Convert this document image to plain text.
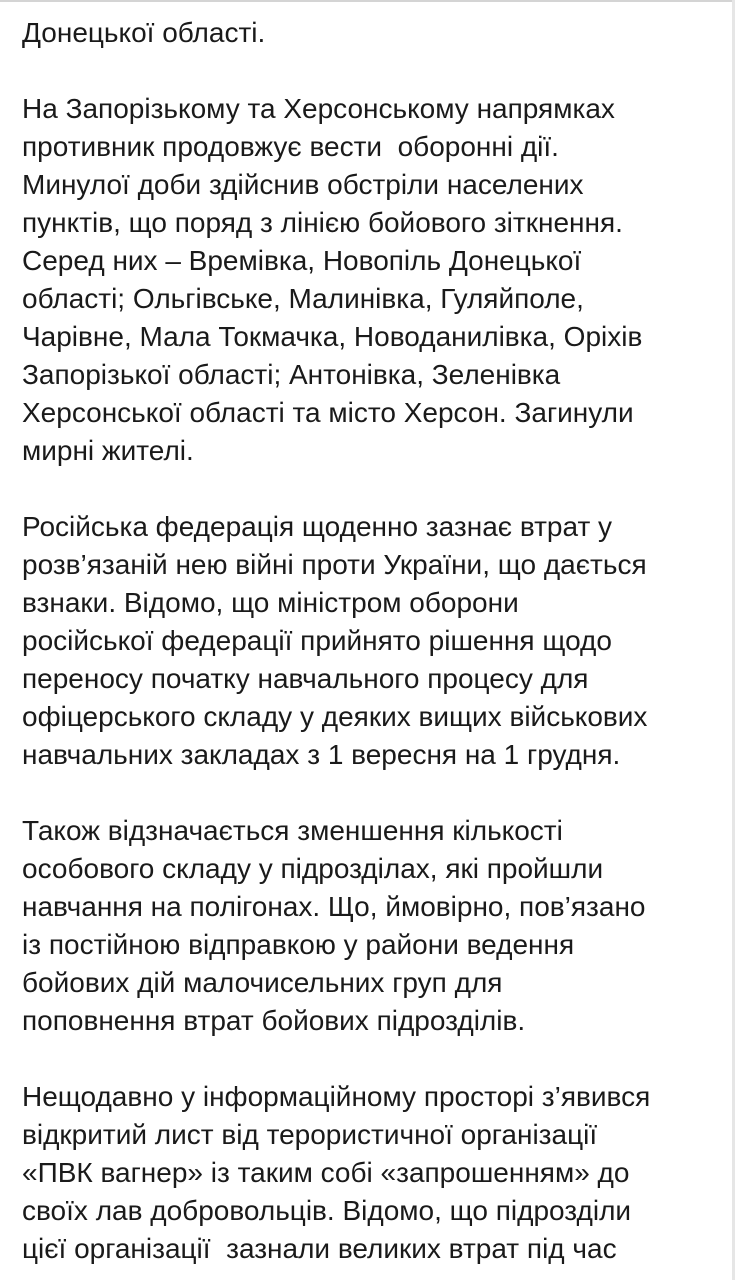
Донецької області.
На Запорізькому та Херсонському напрямках
противник продовжує вести  оборонні дії.
Минулої доби здійснив обстріли населених
пунктів, що поряд з лінією бойового зіткнення.
Серед них – Времівка, Новопіль Донецької
області; Ольгівське, Малинівка, Гуляйполе,
Чарівне, Мала Токмачка, Новоданилівка, Оріхів
Запорізької області; Антонівка, Зеленівка
Херсонської області та місто Херсон. Загинули
мирні жителі.
Російська федерація щоденно зазнає втрат у
розв’язаній нею війні проти України, що дається
взнаки. Відомо, що міністром оборони
російської федерації прийнято рішення щодо
переносу початку навчального процесу для
офіцерського складу у деяких вищих військових
навчальних закладах з 1 вересня на 1 грудня.
Також відзначається зменшення кількості
особового складу у підрозділах, які пройшли
навчання на полігонах. Що, ймовірно, пов’язано
із постійною відправкою у райони ведення
бойових дій малочисельних груп для
поповнення втрат бойових підрозділів.
Нещодавно у інформаційному просторі з’явився
відкритий лист від терористичної організації
«ПВК вагнер» із таким собі «запрошенням» до
своїх лав добровольців. Відомо, що підрозділи
цієї організації  зазнали великих втрат під час
